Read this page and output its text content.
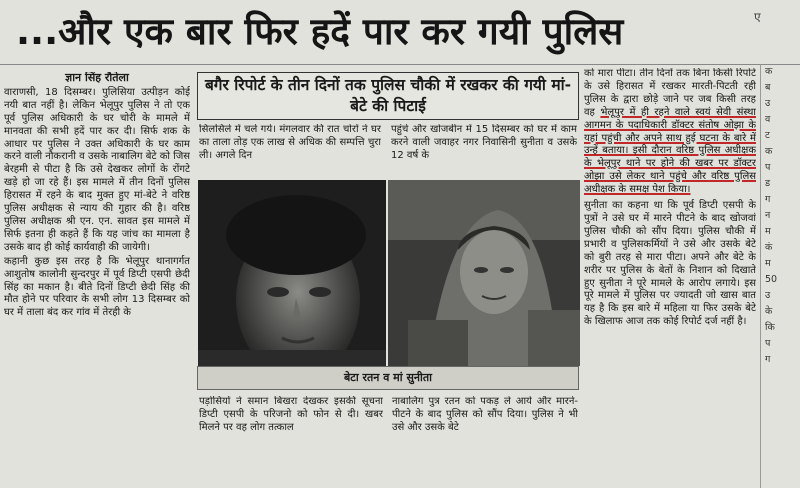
...और एक बार फिर हदें पार कर गयी पुलिस	ए
ज्ञान सिंह रौतेला

वाराणसी, 18 दिसम्बर। पुलिसिया उत्पीड़न कोई नयी बात नहीं है। लेकिन भेलूपुर पुलिस ने तो एक पूर्व पुलिस अधिकारी के घर चोरी के मामले में मानवता की सभी हदें पार कर दी। सिर्फ शक के आधार पर पुलिस ने उक्त अधिकारी के घर काम करने वाली नौकरानी व उसके नाबालिग बेटे को जिस बेरहमी से पीटा है कि उसे देखकर लोगों के रोंगटे खड़े हो जा रहे हैं। इस मामले में तीन दिनों पुलिस हिरासत में रहने के बाद मुक्त हुए मां-बेटे ने वरिष्ठ पुलिस अधीक्षक से न्याय की गुहार की है। वरिष्ठ पुलिस अधीक्षक श्री एन. एन. सावत इस मामले में सिर्फ इतना ही कहते हैं कि यह जांच का मामला है उसके बाद ही कोई कार्यवाही की जायेगी।

कहानी कुछ इस तरह है कि भेलूपुर थानागर्गत आशुतोष कालोनी सुन्दरपुर में पूर्व डिप्टी एसपी छेदी सिंह का मकान है। बीते दिनों डिप्टी छेदी सिंह की मौत होने पर परिवार के सभी लोग 13 दिसम्बर को घर में ताला बंद कर गांव में तेरही के

बगैर रिपोर्ट के तीन दिनों तक पुलिस चौकी में रखकर की गयी मां-बेटे की पिटाई

सिलसिले में चले गये। मंगलवार की रात चोरों ने घर का ताला तोड़ एक लाख से अधिक की सम्पत्ति चुरा ली। अगले दिन

पहुंचे और खोजबीन में 15 दिसम्बर को घर में काम करने वाली जवाहर नगर निवासिनी सुनीता व उसके 12 वर्ष के

बेटा रतन व मां सुनीता

पड़ोसियों ने समान बिखरा देखकर इसकी सूचना डिप्टी एसपी के परिजनो को फोन से दी। खबर मिलने पर वह लोग तत्काल

नाबालिग पुत्र रतन को पकड़ ले आये और मारने-पीटने के बाद पुलिस को सौंप दिया। पुलिस ने भी उसे और उसके बेटे

को मारा पीटा। तीन दिनों तक बिना किसी रिपोर्ट के उसे हिरासत में रखकर मारती-पिटती रही पुलिस के द्वारा छोड़े जाने पर जब किसी तरह वह भेलूपुर में ही रहने वाले स्वयं सेवी संस्था आगमन के पदाधिकारी डॉक्टर संतोष ओझा के यहां पहुंची और अपने साथ हुई घटना के बारे में उन्हें बताया। इसी दौरान वरिष्ठ पुलिस अधीक्षक के भेलूपुर थाने पर होने की खबर पर डॉक्टर ओझा उसे लेकर थाने पहुंचे और वरिष्ठ पुलिस अधीक्षक के समक्ष पेश किया।

सुनीता का कहना था कि पूर्व डिप्टी एसपी के पुत्रों ने उसे घर में मारने पीटने के बाद खोजवां पुलिस चौकी को सौंप दिया। पुलिस चौकी में प्रभारी व पुलिसकर्मियों ने उसे और उसके बेटे को बुरी तरह से मारा पीटा। अपने और बेटे के शरीर पर पुलिस के बेतों के निशान को दिखाते हुए सुनीता ने पूरे मामले के आरोप लगाये। इस पूरे मामले में पुलिस पर ज्यादती जो खास बात यह है कि इस बारे में महिला या फिर उसके बेटे के खिलाफ आज तक कोई रिपोर्ट दर्ज नहीं है।

क
ब
उ
व
ट
क
प
ड
ग
न
म
कं
म
50
उ
के
कि
प
ग
